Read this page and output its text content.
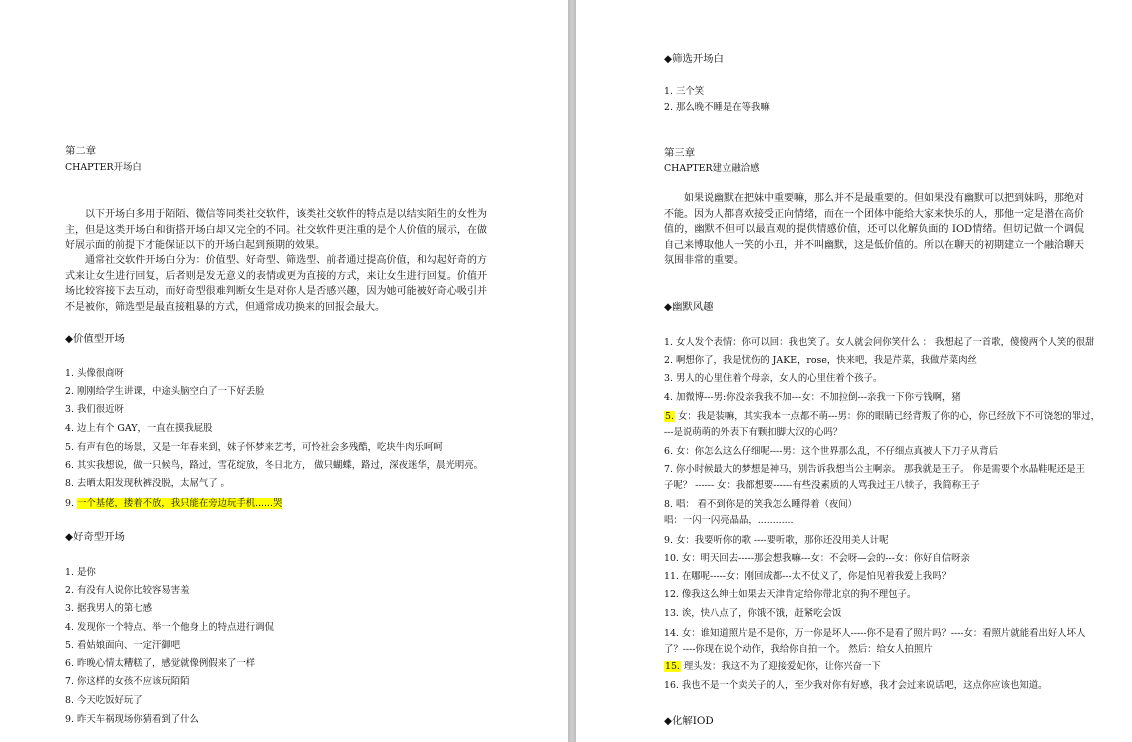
第二章
CHAPTER开场白
以下开场白多用于陌陌、微信等同类社交软件，该类社交软件的特点是以结实陌生的女性为主，但是这类开场白和街搭开场白却又完全的不同。社交软件更注重的是个人价值的展示，在做好展示面的前提下才能保证以下的开场白起到预期的效果。
通常社交软件开场白分为：价值型、好奇型、筛选型、前者通过提高价值，和勾起好奇的方式来让女生进行回复，后者则是发无意义的表情或更为直接的方式，来让女生进行回复。价值开场比较容接下去互动，而好奇型很难判断女生是对你人是否感兴趣，因为她可能被好奇心吸引并不是被你，筛选型是最直接粗暴的方式，但通常成功换来的回报会最大。
◆价值型开场
1. 头像很商呀
2. 刚刚给学生讲课，中途头脑空白了一下好丢脸
3. 我们很近呀
4. 边上有个 GAY，一直在摸我屁股
5. 有声有色的场景，又是一年春来到，妹子怀梦来艺考，可怜社会多残酷，吃块牛肉乐呵呵
6. 其实我想说，做一只候鸟，路过，雪花绽放，冬日北方， 做只蝴蝶，路过，深夜迷华，晨光明亮。
8. 去晒太阳发现秋裤没脱，太屌气了 。
9. 一个基佬，搂着不放，我只能在旁边玩手机......哭
◆好奇型开场
1. 是你
2. 有没有人说你比较容易害羞
3. 据我男人的第七感
4. 发现你一个特点、举一个他身上的特点进行调侃
5. 看姑娘面向、一定汗御吧
6. 昨晚心情太糟糕了，感觉就像例假来了一样
7. 你这样的女孩不应该玩陌陌
8. 今天吃饭好玩了
9. 昨天车祸现场你猜看到了什么
◆筛选开场白
1. 三个笑
2. 那么晚不睡是在等我嘛
第三章
CHAPTER建立融洽感
如果说幽默在把妹中重要嘛，那么并不是最重要的。但如果没有幽默可以把到妹吗，那绝对不能。因为人都喜欢接受正向情绪，而在一个团体中能给大家来快乐的人，那他一定是潜在高价值的，幽默不但可以最直观的提供情感价值，还可以化解负面的 IOD情绪。但切记做一个调侃自己来博取他人一笑的小丑，并不叫幽默，这是低价值的。所以在聊天的初期建立一个融洽聊天氛围非常的重要。
◆幽默风趣
1. 女人发个表情：你可以回：我也笑了。女人就会问你笑什么 ： 我想起了一首歌，傻傻两个人笑的很甜
2. 啊想你了，我是忧伤的 JAKE，rose，快来吧，我是芹菜，我做芹菜肉丝
3. 男人的心里住着个母亲，女人的心里住着个孩子。
4. 加微博---男:你没亲我我不加---女：不加拉倒---亲我一下你亏钱啊，猪
5. 女：我是装嘛，其实我本一点都不萌---男：你的眼睛已经背叛了你的心，你已经放下不可饶恕的罪过，
---是说萌萌的外表下有颗扣脚大汉的心吗？
6. 女：你怎么这么仔细呢----男：这个世界那么乱，不仔细点真被人下刀子从背后
7. 你小时候最大的梦想是神马，别告诉我想当公主啊亲。 那我就是王子。 你是需要个水晶鞋呢还是王
子呢？ ------ 女：我都想要------有些没素质的人骂我过王八犊子，我简称王子
8. 唱： 看不到你是的笑我怎么睡得着（夜间）
唱：一闪一闪亮晶晶，............
9. 女：我要听你的歌 ----要听歌，那你还没用美人计呢
10. 女：明天回去-----那会想我嘛---女：不会呀—会的---女：你好自信呀亲
11. 在哪呢-----女：刚回成都---太不仗义了，你是怕见着我爱上我吗？
12. 像我这么绅士如果去天津肯定给你带北京的狗不理包子。
13. 诶，快八点了，你饿不饿，赶紧吃会饭
14. 女：谁知道照片是不是你，万一你是坏人-----你不是看了照片吗？----女：看照片就能看出好人坏人
了？----你现在说个动作，我给你自拍一个。 然后：给女人拍照片
15. 理头发：我这不为了迎接爱妃你，让你兴奋一下
16. 我也不是一个卖关子的人，至少我对你有好感，我才会过来说话吧，这点你应该也知道。
◆化解IOD
